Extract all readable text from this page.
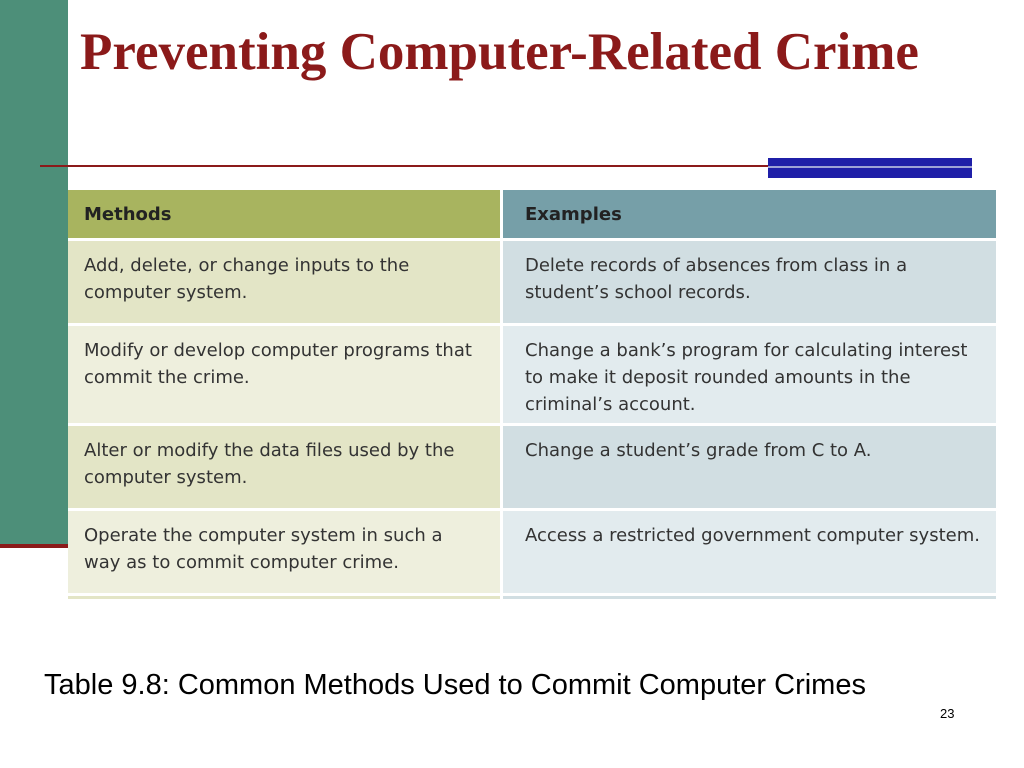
Preventing Computer-Related Crime
Methods	Examples
Add, delete, or change inputs to the computer system.	Delete records of absences from class in a student’s school records.
Modify or develop computer programs that commit the crime.	Change a bank’s program for calculating interest to make it deposit rounded amounts in the criminal’s account.
Alter or modify the data files used by the computer system.	Change a student’s grade from C to A.
Operate the computer system in such a way as to commit computer crime.	Access a restricted government computer system.

Table 9.8: Common Methods Used to Commit Computer Crimes

23
